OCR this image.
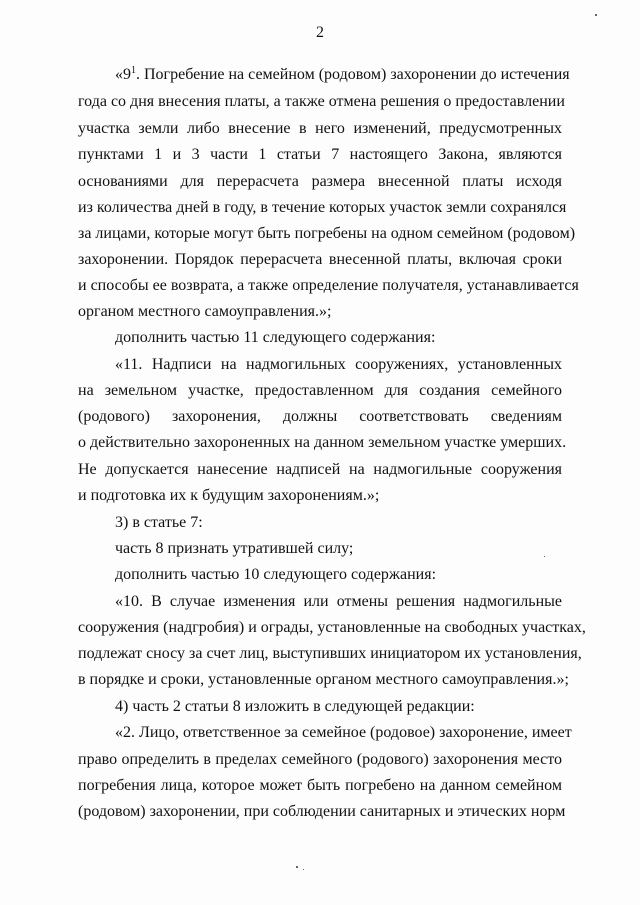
2
«$9^1$. Погребение на семейном (родовом) захоронении до истечения
года со дня внесения платы, а также отмена решения о предоставлении
участка земли либо внесение в него изменений, предусмотренных
пунктами 1 и 3 части 1 статьи 7 настоящего Закона, являются
основаниями для перерасчета размера внесенной платы исходя
из количества дней в году, в течение которых участок земли сохранялся
за лицами, которые могут быть погребены на одном семейном (родовом)
захоронении. Порядок перерасчета внесенной платы, включая сроки
и способы ее возврата, а также определение получателя, устанавливается
органом местного самоуправления.»;
дополнить частью 11 следующего содержания:
«11. Надписи на надмогильных сооружениях, установленных
на земельном участке, предоставленном для создания семейного
(родового) захоронения, должны соответствовать сведениям
о действительно захороненных на данном земельном участке умерших.
Не допускается нанесение надписей на надмогильные сооружения
и подготовка их к будущим захоронениям.»;
3) в статье 7:
часть 8 признать утратившей силу;
дополнить частью 10 следующего содержания:
«10. В случае изменения или отмены решения надмогильные
сооружения (надгробия) и ограды, установленные на свободных участках,
подлежат сносу за счет лиц, выступивших инициатором их установления,
в порядке и сроки, установленные органом местного самоуправления.»;
4) часть 2 статьи 8 изложить в следующей редакции:
«2. Лицо, ответственное за семейное (родовое) захоронение, имеет
право определить в пределах семейного (родового) захоронения место
погребения лица, которое может быть погребено на данном семейном
(родовом) захоронении, при соблюдении санитарных и этических норм
